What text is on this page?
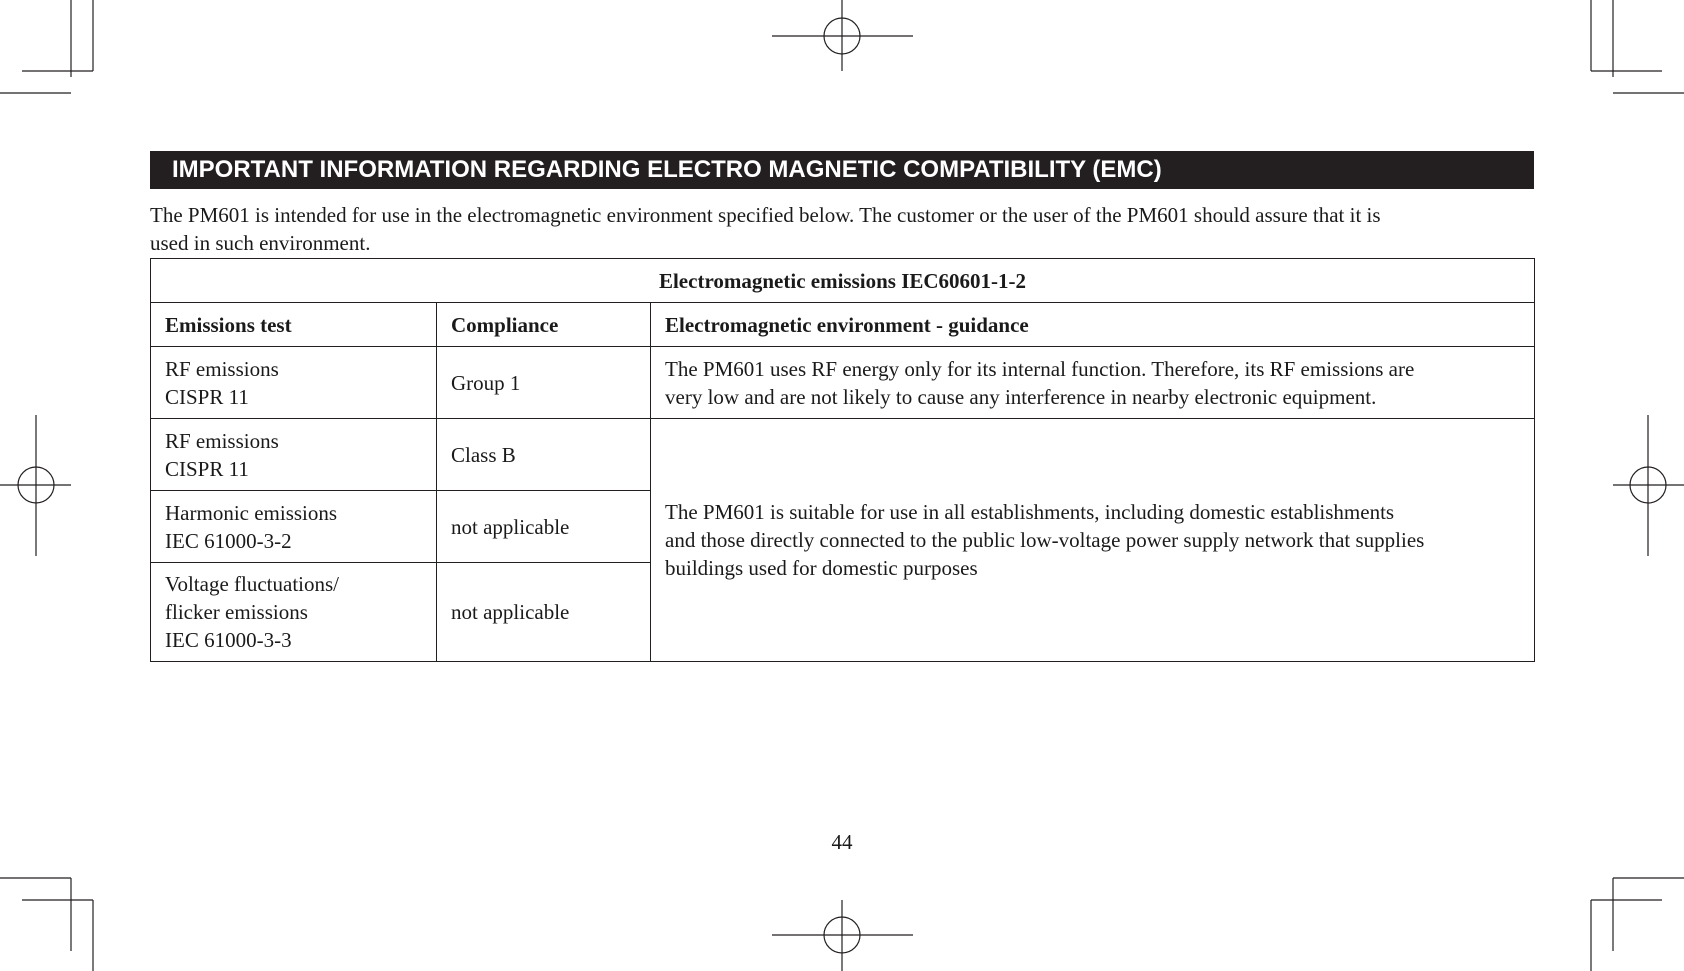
IMPORTANT INFORMATION REGARDING ELECTRO MAGNETIC COMPATIBILITY (EMC)

The PM601 is intended for use in the electromagnetic environment specified below. The customer or the user of the PM601 should assure that it is
used in such environment.

Electromagnetic emissions IEC60601-1-2		
Emissions test	Compliance	Electromagnetic environment - guidance

RF emissions
CISPR 11	Group 1	The PM601 uses RF energy only for its internal function. Therefore, its RF emissions are
very low and are not likely to cause any interference in nearby electronic equipment.

RF emissions
CISPR 11	Class B	The PM601 is suitable for use in all establishments, including domestic establishments
and those directly connected to the public low-voltage power supply network that supplies
buildings used for domestic purposes

Harmonic emissions
IEC 61000-3-2	not applicable	

Voltage fluctuations/
flicker emissions
IEC 61000-3-3	not applicable	
44
